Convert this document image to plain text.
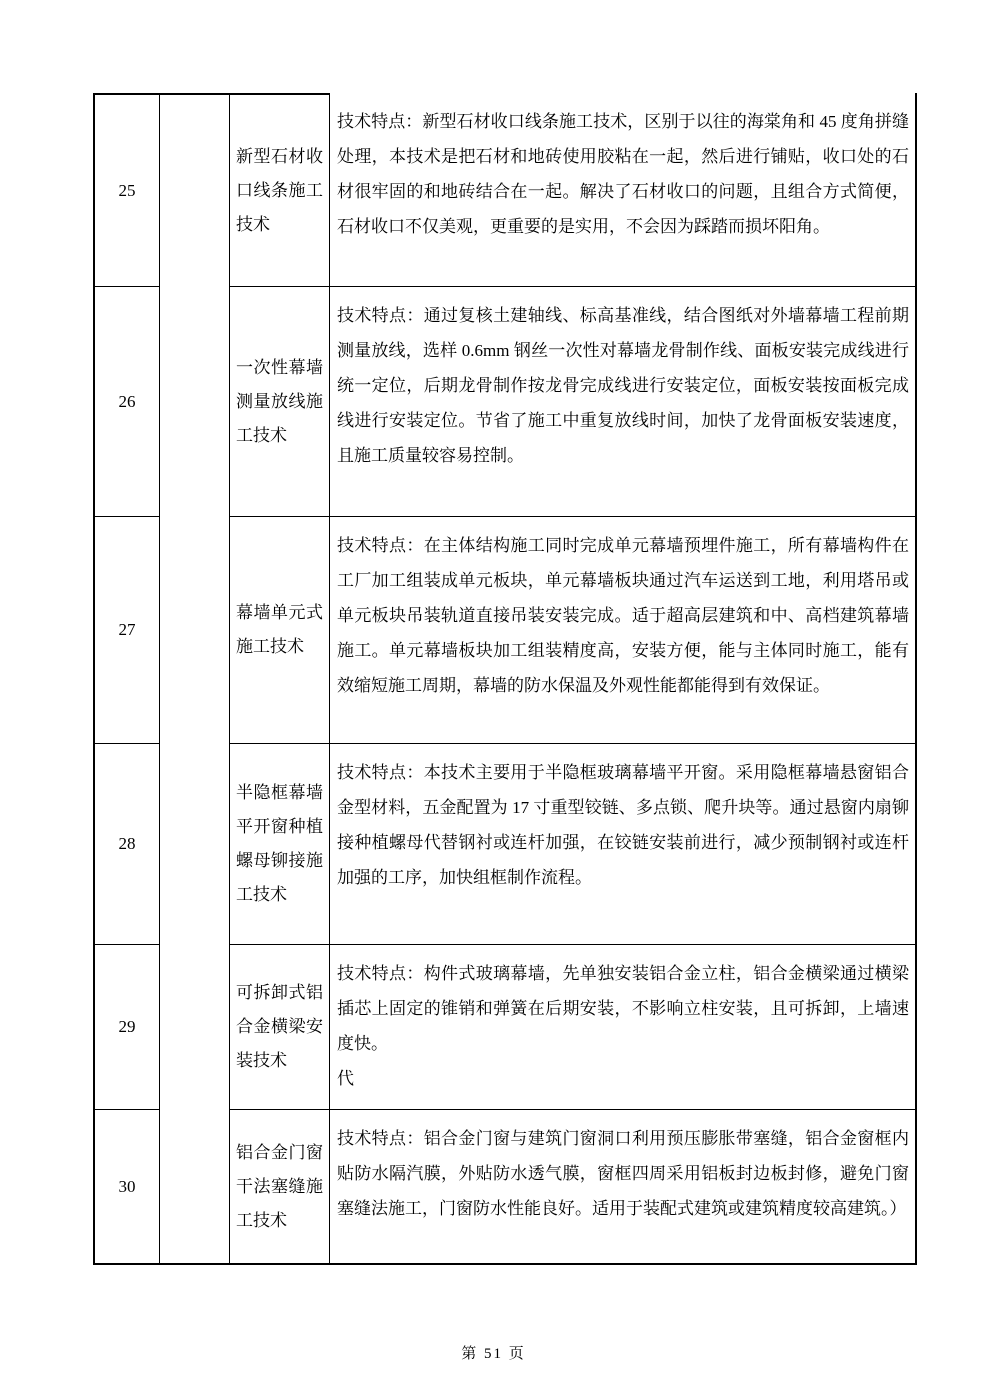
25
新型石材收口线条施工技术
技术特点：新型石材收口线条施工技术，区别于以往的海棠角和 45 度角拼缝处理，本技术是把石材和地砖使用胶粘在一起，然后进行铺贴，收口处的石材很牢固的和地砖结合在一起。解决了石材收口的问题，且组合方式简便，石材收口不仅美观，更重要的是实用，不会因为踩踏而损坏阳角。
26
一次性幕墙测量放线施工技术
技术特点：通过复核土建轴线、标高基准线，结合图纸对外墙幕墙工程前期测量放线，选样 0.6mm 钢丝一次性对幕墙龙骨制作线、面板安装完成线进行统一定位，后期龙骨制作按龙骨完成线进行安装定位，面板安装按面板完成线进行安装定位。节省了施工中重复放线时间，加快了龙骨面板安装速度，且施工质量较容易控制。
27
幕墙单元式施工技术
技术特点：在主体结构施工同时完成单元幕墙预埋件施工，所有幕墙构件在工厂加工组装成单元板块，单元幕墙板块通过汽车运送到工地，利用塔吊或单元板块吊装轨道直接吊装安装完成。适于超高层建筑和中、高档建筑幕墙施工。单元幕墙板块加工组装精度高，安装方便，能与主体同时施工，能有效缩短施工周期，幕墙的防水保温及外观性能都能得到有效保证。
28
半隐框幕墙平开窗种植螺母铆接施工技术
技术特点：本技术主要用于半隐框玻璃幕墙平开窗。采用隐框幕墙悬窗铝合金型材料，五金配置为 17 寸重型铰链、多点锁、爬升块等。通过悬窗内扇铆接种植螺母代替钢衬或连杆加强，在铰链安装前进行，减少预制钢衬或连杆加强的工序，加快组框制作流程。
29
可拆卸式铝合金横梁安装技术
技术特点：构件式玻璃幕墙，先单独安装铝合金立柱，铝合金横梁通过横梁插芯上固定的锥销和弹簧在后期安装，不影响立柱安装，且可拆卸，上墙速度快。
代
30
铝合金门窗干法塞缝施工技术
技术特点：铝合金门窗与建筑门窗洞口利用预压膨胀带塞缝，铝合金窗框内贴防水隔汽膜，外贴防水透气膜，窗框四周采用铝板封边板封修，避免门窗塞缝法施工，门窗防水性能良好。适用于装配式建筑或建筑精度较高建筑。）
第 51 页
